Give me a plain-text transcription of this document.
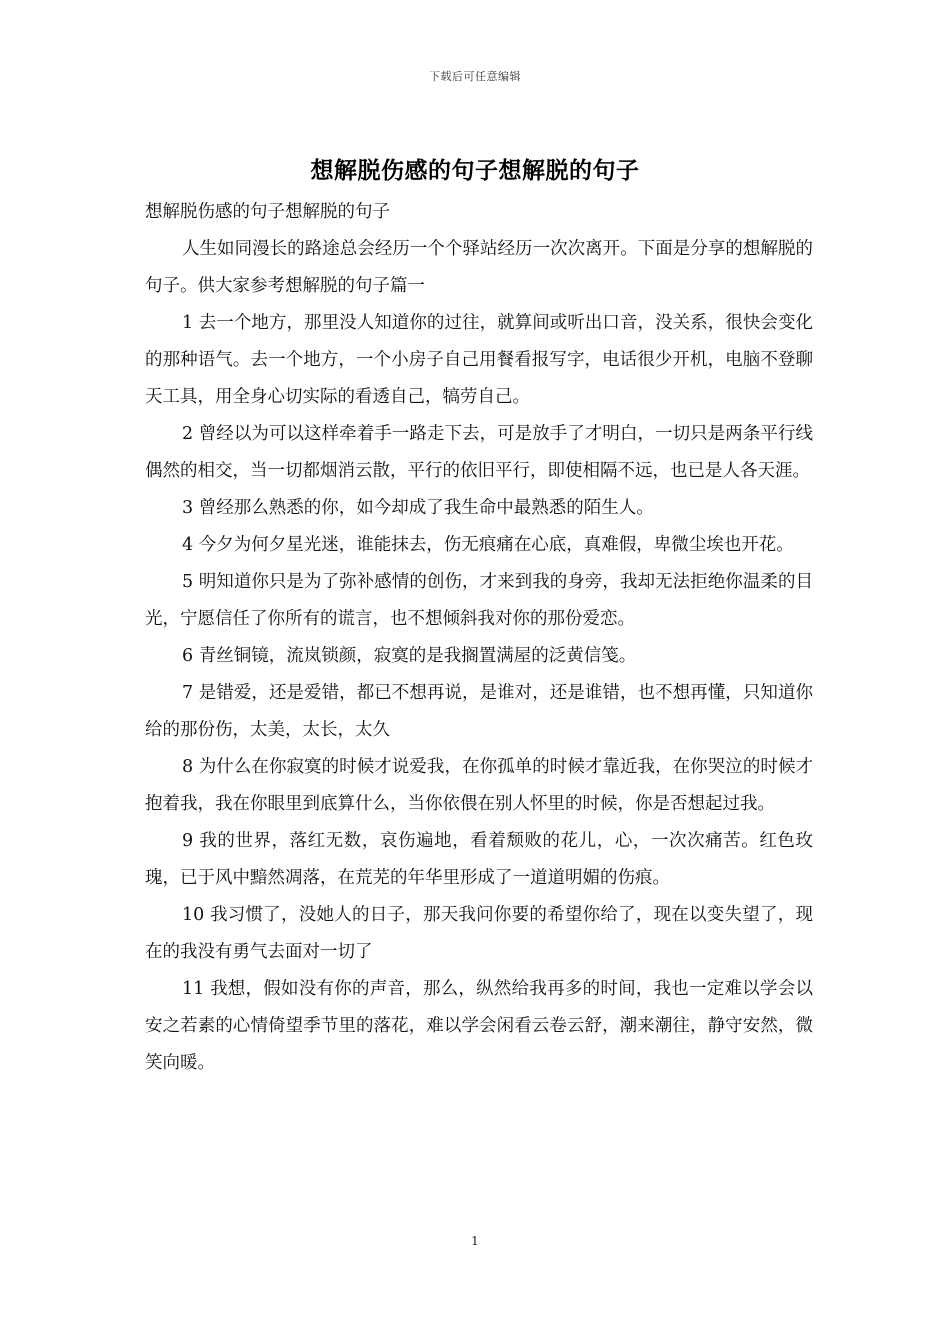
下载后可任意编辑
想解脱伤感的句子想解脱的句子

想解脱伤感的句子想解脱的句子

人生如同漫长的路途总会经历一个个驿站经历一次次离开。下面是分享的想解脱的句子。供大家参考想解脱的句子篇一

1 去一个地方，那里没人知道你的过往，就算间或听出口音，没关系，很快会变化的那种语气。去一个地方，一个小房子自己用餐看报写字，电话很少开机，电脑不登聊天工具，用全身心切实际的看透自己，犒劳自己。

2 曾经以为可以这样牵着手一路走下去，可是放手了才明白，一切只是两条平行线偶然的相交，当一切都烟消云散，平行的依旧平行，即使相隔不远，也已是人各天涯。

3 曾经那么熟悉的你，如今却成了我生命中最熟悉的陌生人。

4 今夕为何夕星光迷，谁能抹去，伤无痕痛在心底，真难假，卑微尘埃也开花。

5 明知道你只是为了弥补感情的创伤，才来到我的身旁，我却无法拒绝你温柔的目光，宁愿信任了你所有的谎言，也不想倾斜我对你的那份爱恋。

6 青丝铜镜，流岚锁颜，寂寞的是我搁置满屋的泛黄信笺。

7 是错爱，还是爱错，都已不想再说，是谁对，还是谁错，也不想再懂，只知道你给的那份伤，太美，太长，太久

8 为什么在你寂寞的时候才说爱我，在你孤单的时候才靠近我，在你哭泣的时候才抱着我，我在你眼里到底算什么，当你依偎在别人怀里的时候，你是否想起过我。

9 我的世界，落红无数，哀伤遍地，看着颓败的花儿，心，一次次痛苦。红色玫瑰，已于风中黯然凋落，在荒芜的年华里形成了一道道明媚的伤痕。

10 我习惯了，没她人的日子，那天我问你要的希望你给了，现在以变失望了，现在的我没有勇气去面对一切了

11 我想，假如没有你的声音，那么，纵然给我再多的时间，我也一定难以学会以安之若素的心情倚望季节里的落花，难以学会闲看云卷云舒，潮来潮往，静守安然，微笑向暖。

1
